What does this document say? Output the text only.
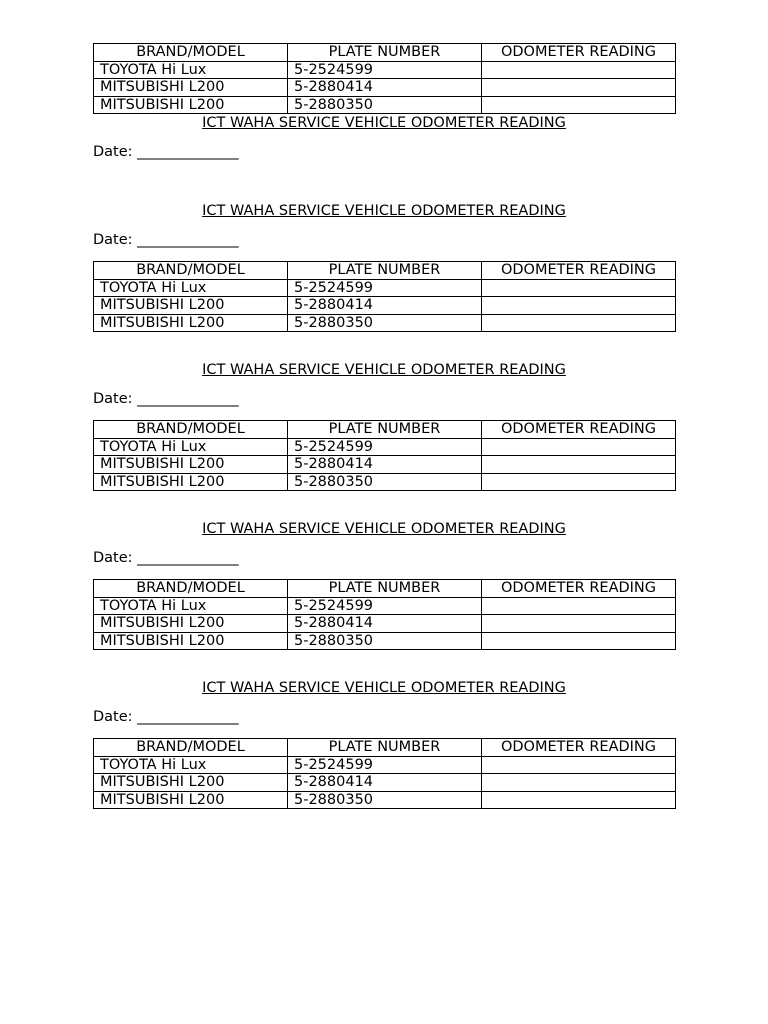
BRAND/MODEL	PLATE NUMBER	ODOMETER READING
TOYOTA Hi Lux	5-2524599	
MITSUBISHI L200	5-2880414	
MITSUBISHI L200	5-2880350	
ICT WAHA SERVICE VEHICLE ODOMETER READING
Date: ______________
ICT WAHA SERVICE VEHICLE ODOMETER READING
Date: ______________
BRAND/MODEL	PLATE NUMBER	ODOMETER READING
TOYOTA Hi Lux	5-2524599	
MITSUBISHI L200	5-2880414	
MITSUBISHI L200	5-2880350	
ICT WAHA SERVICE VEHICLE ODOMETER READING
Date: ______________
BRAND/MODEL	PLATE NUMBER	ODOMETER READING
TOYOTA Hi Lux	5-2524599	
MITSUBISHI L200	5-2880414	
MITSUBISHI L200	5-2880350	
ICT WAHA SERVICE VEHICLE ODOMETER READING
Date: ______________
BRAND/MODEL	PLATE NUMBER	ODOMETER READING
TOYOTA Hi Lux	5-2524599	
MITSUBISHI L200	5-2880414	
MITSUBISHI L200	5-2880350	
ICT WAHA SERVICE VEHICLE ODOMETER READING
Date: ______________
BRAND/MODEL	PLATE NUMBER	ODOMETER READING
TOYOTA Hi Lux	5-2524599	
MITSUBISHI L200	5-2880414	
MITSUBISHI L200	5-2880350	
